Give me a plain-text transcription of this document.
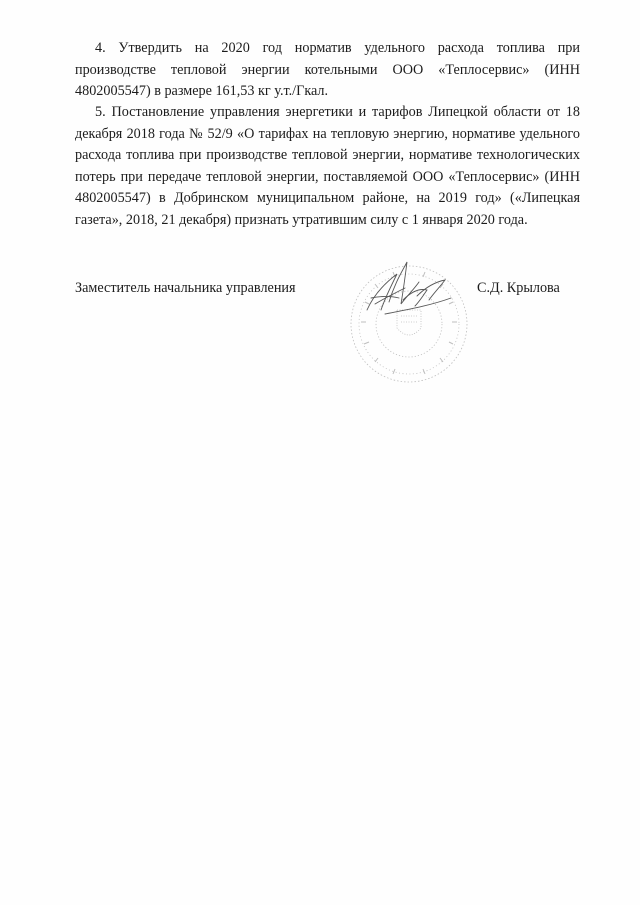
4. Утвердить на 2020 год норматив удельного расхода топлива при производстве тепловой энергии котельными ООО «Теплосервис» (ИНН 4802005547) в размере 161,53 кг у.т./Гкал.

5. Постановление управления энергетики и тарифов Липецкой области от 18 декабря 2018 года № 52/9 «О тарифах на тепловую энергию, нормативе удельного расхода топлива при производстве тепловой энергии, нормативе технологических потерь при передаче тепловой энергии, поставляемой ООО «Теплосервис» (ИНН 4802005547) в Добринском муниципальном районе, на 2019 год» («Липецкая газета», 2018, 21 декабря) признать утратившим силу с 1 января 2020 года.

Заместитель начальника управления	С.Д. Крылова
